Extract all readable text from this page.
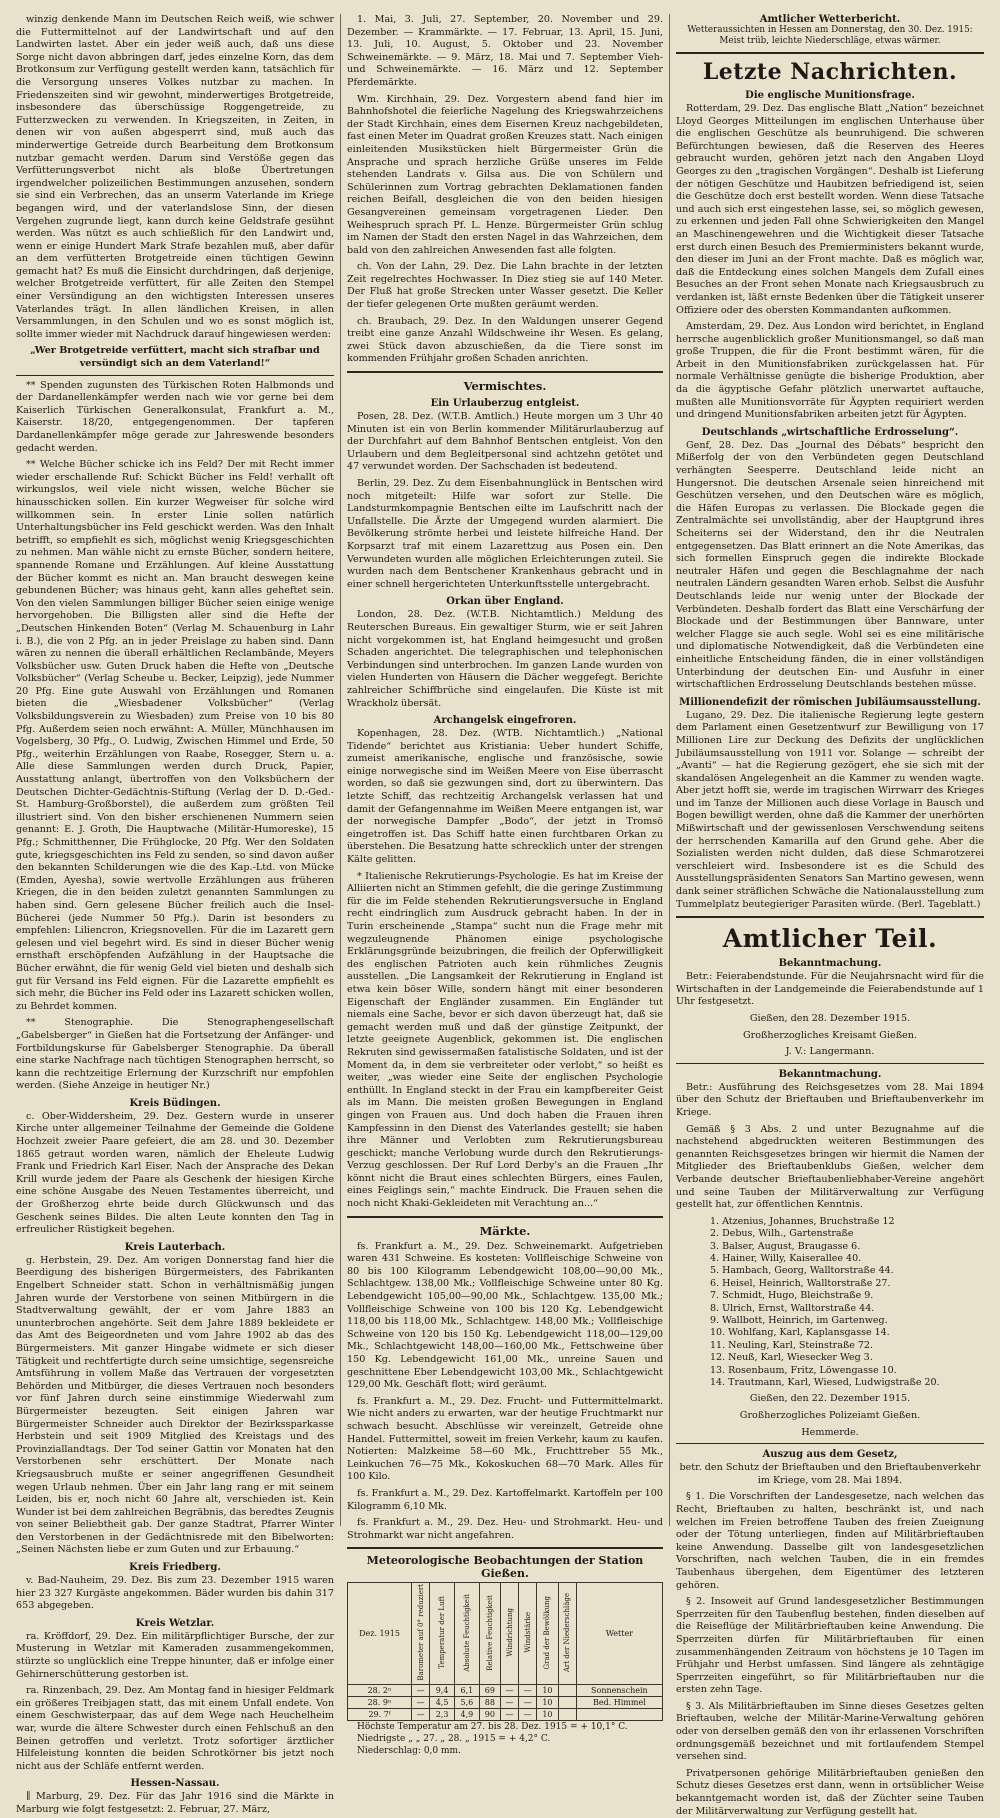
winzig denkende Mann im Deutschen Reich weiß, wie schwer die Futtermittelnot auf der Landwirtschaft und auf den Landwirten lastet. Aber ein jeder weiß auch, daß uns diese Sorge nicht davon abbringen darf, jedes einzelne Korn, das dem Brotkonsum zur Verfügung gestellt werden kann, tatsächlich für die Versorgung unseres Volkes nutzbar zu machen. In Friedenszeiten sind wir gewohnt, minderwertiges Brotgetreide, insbesondere das überschüssige Roggengetreide, zu Futterzwecken zu verwenden. In Kriegszeiten, in Zeiten, in denen wir von außen abgesperrt sind, muß auch das minderwertige Getreide durch Bearbeitung dem Brotkonsum nutzbar gemacht werden. Darum sind Verstöße gegen das Verfütterungsverbot nicht als bloße Übertretungen irgendwelcher polizeilichen Bestimmungen anzusehen, sondern sie sind ein Verbrechen, das an unserm Vaterlande im Kriege begangen wird, und der vaterlandslose Sinn, der diesen Vergehen zugrunde liegt, kann durch keine Geldstrafe gesühnt werden. Was nützt es auch schließlich für den Landwirt und, wenn er einige Hundert Mark Strafe bezahlen muß, aber dafür an dem verfütterten Brotgetreide einen tüchtigen Gewinn gemacht hat? Es muß die Einsicht durchdringen, daß derjenige, welcher Brotgetreide verfüttert, für alle Zeiten den Stempel einer Versündigung an den wichtigsten Interessen unseres Vaterlandes trägt. In allen ländlichen Kreisen, in allen Versammlungen, in den Schulen und wo es sonst möglich ist, sollte immer wieder mit Nachdruck darauf hingewiesen werden:

„Wer Brotgetreide verfüttert, macht sich strafbar und versündigt sich an dem Vaterland!“

** Spenden zugunsten des Türkischen Roten Halbmonds und der Dardanellenkämpfer werden nach wie vor gerne bei dem Kaiserlich Türkischen Generalkonsulat, Frankfurt a. M., Kaiserstr. 18/20, entgegengenommen. Der tapferen Dardanellenkämpfer möge gerade zur Jahreswende besonders gedacht werden.

** Welche Bücher schicke ich ins Feld? Der mit Recht immer wieder erschallende Ruf: Schickt Bücher ins Feld! verhallt oft wirkungslos, weil viele nicht wissen, welche Bücher sie hinausschicken sollen. Ein kurzer Wegweiser für solche wird willkommen sein. In erster Linie sollen natürlich Unterhaltungsbücher ins Feld geschickt werden. Was den Inhalt betrifft, so empfiehlt es sich, möglichst wenig Kriegsgeschichten zu nehmen. Man wähle nicht zu ernste Bücher, sondern heitere, spannende Romane und Erzählungen. Auf kleine Ausstattung der Bücher kommt es nicht an. Man braucht deswegen keine gebundenen Bücher; was hinaus geht, kann alles geheftet sein. Von den vielen Sammlungen billiger Bücher seien einige wenige hervorgehoben. Die Billigsten aller sind die Hefte der „Deutschen Hinkenden Boten“ (Verlag M. Schauenburg in Lahr i. B.), die von 2 Pfg. an in jeder Preislage zu haben sind. Dann wären zu nennen die überall erhältlichen Reclambände, Meyers Volksbücher usw. Guten Druck haben die Hefte von „Deutsche Volksbücher“ (Verlag Scheube u. Becker, Leipzig), jede Nummer 20 Pfg. Eine gute Auswahl von Erzählungen und Romanen bieten die „Wiesbadener Volksbücher“ (Verlag Volksbildungsverein zu Wiesbaden) zum Preise von 10 bis 80 Pfg. Außerdem seien noch erwähnt: A. Müller, Münchhausen im Vogelsberg, 30 Pfg., O. Ludwig, Zwischen Himmel und Erde, 50 Pfg., weiterhin Erzählungen von Raabe, Rosegger, Stern u. a. Alle diese Sammlungen werden durch Druck, Papier, Ausstattung anlangt, übertroffen von den Volksbüchern der Deutschen Dichter-Gedächtnis-Stiftung (Verlag der D. D.-Ged.-St. Hamburg-Großborstel), die außerdem zum größten Teil illustriert sind. Von den bisher erschienenen Nummern seien genannt: E. J. Groth, Die Hauptwache (Militär-Humoreske), 15 Pfg.; Schmitthenner, Die Frühglocke, 20 Pfg. Wer den Soldaten gute, kriegsgeschichten ins Feld zu senden, so sind davon außer den bekannten Schilderungen wie die des Kap.-Ltd. von Mücke (Emden, Ayesha), sowie wertvolle Erzählungen aus früheren Kriegen, die in den beiden zuletzt genannten Sammlungen zu haben sind. Gern gelesene Bücher freilich auch die Insel-Bücherei (jede Nummer 50 Pfg.). Darin ist besonders zu empfehlen: Liliencron, Kriegsnovellen. Für die im Lazarett gern gelesen und viel begehrt wird. Es sind in dieser Bücher wenig ernsthaft erschöpfenden Aufzählung in der Hauptsache die Bücher erwähnt, die für wenig Geld viel bieten und deshalb sich gut für Versand ins Feld eignen. Für die Lazarette empfiehlt es sich mehr, die Bücher ins Feld oder ins Lazarett schicken wollen, zu Behrdet kommen.

** Stenographie. Die Stenographengesellschaft „Gabelsberger“ in Gießen hat die Fortsetzung der Anfänger- und Fortbildungskurse für Gabelsberger Stenographie. Da überall eine starke Nachfrage nach tüchtigen Stenographen herrscht, so kann die rechtzeitige Erlernung der Kurzschrift nur empfohlen werden. (Siehe Anzeige in heutiger Nr.)

Kreis Büdingen.

c. Ober-Widdersheim, 29. Dez. Gestern wurde in unserer Kirche unter allgemeiner Teilnahme der Gemeinde die Goldene Hochzeit zweier Paare gefeiert, die am 28. und 30. Dezember 1865 getraut worden waren, nämlich der Eheleute Ludwig Frank und Friedrich Karl Eiser. Nach der Ansprache des Dekan Krill wurde jedem der Paare als Geschenk der hiesigen Kirche eine schöne Ausgabe des Neuen Testamentes überreicht, und der Großherzog ehrte beide durch Glückwunsch und das Geschenk seines Bildes. Die alten Leute konnten den Tag in erfreulicher Rüstigkeit begehen.

Kreis Lauterbach.

g. Herbstein, 29. Dez. Am vorigen Donnerstag fand hier die Beerdigung des bisherigen Bürgermeisters, des Fabrikanten Engelbert Schneider statt. Schon in verhältnismäßig jungen Jahren wurde der Verstorbene von seinen Mitbürgern in die Stadtverwaltung gewählt, der er vom Jahre 1883 an ununterbrochen angehörte. Seit dem Jahre 1889 bekleidete er das Amt des Beigeordneten und vom Jahre 1902 ab das des Bürgermeisters. Mit ganzer Hingabe widmete er sich dieser Tätigkeit und rechtfertigte durch seine umsichtige, segensreiche Amtsführung in vollem Maße das Vertrauen der vorgesetzten Behörden und Mitbürger, die dieses Vertrauen noch besonders vor fünf Jahren durch seine einstimmige Wiederwahl zum Bürgermeister bezeugten. Seit einigen Jahren war Bürgermeister Schneider auch Direktor der Bezirkssparkasse Herbstein und seit 1909 Mitglied des Kreistags und des Provinziallandtags. Der Tod seiner Gattin vor Monaten hat den Verstorbenen sehr erschüttert. Der Monate nach Kriegsausbruch mußte er seiner angegriffenen Gesundheit wegen Urlaub nehmen. Über ein Jahr lang rang er mit seinem Leiden, bis er, noch nicht 60 Jahre alt, verschieden ist. Kein Wunder ist bei dem zahlreichen Begräbnis, das beredtes Zeugnis von seiner Beliebtheit gab. Der ganze Stadtrat, Pfarrer Winter den Verstorbenen in der Gedächtnisrede mit den Bibelworten: „Seinen Nächsten liebe er zum Guten und zur Erbauung.“

Kreis Friedberg.

v. Bad-Nauheim, 29. Dez. Bis zum 23. Dezember 1915 waren hier 23 327 Kurgäste angekommen. Bäder wurden bis dahin 317 653 abgegeben.

Kreis Wetzlar.

ra. Kröffdorf, 29. Dez. Ein militärpflichtiger Bursche, der zur Musterung in Wetzlar mit Kameraden zusammengekommen, stürzte so unglücklich eine Treppe hinunter, daß er infolge einer Gehirnerschütterung gestorben ist.

ra. Rinzenbach, 29. Dez. Am Montag fand in hiesiger Feldmark ein größeres Treibjagen statt, das mit einem Unfall endete. Von einem Geschwisterpaar, das auf dem Wege nach Heuchelheim war, wurde die ältere Schwester durch einen Fehlschuß an den Beinen getroffen und verletzt. Trotz sofortiger ärztlicher Hilfeleistung konnten die beiden Schrotkörner bis jetzt noch nicht aus der Schläfe entfernt werden.

Hessen-Nassau.

∥ Marburg, 29. Dez. Für das Jahr 1916 sind die Märkte in Marburg wie folgt festgesetzt: 2. Februar, 27. März,

1. Mai, 3. Juli, 27. September, 20. November und 29. Dezember. — Krammärkte. — 17. Februar, 13. April, 15. Juni, 13. Juli, 10. August, 5. Oktober und 23. November Schweinemärkte. — 9. März, 18. Mai und 7. September Vieh- und Schweinemärkte. — 16. März und 12. September Pferdemärkte.

Wm. Kirchhain, 29. Dez. Vorgestern abend fand hier im Bahnhofshotel die feierliche Nagelung des Kriegswahrzeichens der Stadt Kirchhain, eines dem Eisernen Kreuz nachgebildeten, fast einen Meter im Quadrat großen Kreuzes statt. Nach einigen einleitenden Musikstücken hielt Bürgermeister Grün die Ansprache und sprach herzliche Grüße unseres im Felde stehenden Landrats v. Gilsa aus. Die von Schülern und Schülerinnen zum Vortrag gebrachten Deklamationen fanden reichen Beifall, desgleichen die von den beiden hiesigen Gesangvereinen gemeinsam vorgetragenen Lieder. Den Weihespruch sprach Pf. L. Henze. Bürgermeister Grün schlug im Namen der Stadt den ersten Nagel in das Wahrzeichen, dem bald von den zahlreichen Anwesenden fast alle folgten.

ch. Von der Lahn, 29. Dez. Die Lahn brachte in der letzten Zeit regelrechtes Hochwasser. In Diez stieg sie auf 140 Meter. Der Fluß hat große Strecken unter Wasser gesetzt. Die Keller der tiefer gelegenen Orte mußten geräumt werden.

ch. Braubach, 29. Dez. In den Waldungen unserer Gegend treibt eine ganze Anzahl Wildschweine ihr Wesen. Es gelang, zwei Stück davon abzuschießen, da die Tiere sonst im kommenden Frühjahr großen Schaden anrichten.

Vermischtes.
Ein Urlauberzug entgleist.

Posen, 28. Dez. (W.T.B. Amtlich.) Heute morgen um 3 Uhr 40 Minuten ist ein von Berlin kommender Militärurlauberzug auf der Durchfahrt auf dem Bahnhof Bentschen entgleist. Von den Urlaubern und dem Begleitpersonal sind achtzehn getötet und 47 verwundet worden. Der Sachschaden ist bedeutend.

Berlin, 29. Dez. Zu dem Eisenbahnunglück in Bentschen wird noch mitgeteilt: Hilfe war sofort zur Stelle. Die Landsturmkompagnie Bentschen eilte im Laufschritt nach der Unfallstelle. Die Ärzte der Umgegend wurden alarmiert. Die Bevölkerung strömte herbei und leistete hilfreiche Hand. Der Korpsarzt traf mit einem Lazarettzug aus Posen ein. Den Verwundeten wurden alle möglichen Erleichterungen zuteil. Sie wurden nach dem Bentschener Krankenhaus gebracht und in einer schnell hergerichteten Unterkunftsstelle untergebracht.

Orkan über England.

London, 28. Dez. (W.T.B. Nichtamtlich.) Meldung des Reuterschen Bureaus. Ein gewaltiger Sturm, wie er seit Jahren nicht vorgekommen ist, hat England heimgesucht und großen Schaden angerichtet. Die telegraphischen und telephonischen Verbindungen sind unterbrochen. Im ganzen Lande wurden von vielen Hunderten von Häusern die Dächer weggefegt. Berichte zahlreicher Schiffbrüche sind eingelaufen. Die Küste ist mit Wrackholz übersät.

Archangelsk eingefroren.

Kopenhagen, 28. Dez. (WTB. Nichtamtlich.) „National Tidende“ berichtet aus Kristiania: Ueber hundert Schiffe, zumeist amerikanische, englische und französische, sowie einige norwegische sind im Weißen Meere von Eise überrascht worden, so daß sie gezwungen sind, dort zu überwintern. Das letzte Schiff, das rechtzeitig Archangelsk verlassen hat und damit der Gefangennahme im Weißen Meere entgangen ist, war der norwegische Dampfer „Bodo“, der jetzt in Tromsö eingetroffen ist. Das Schiff hatte einen furchtbaren Orkan zu überstehen. Die Besatzung hatte schrecklich unter der strengen Kälte gelitten.

* Italienische Rekrutierungs-Psychologie. Es hat im Kreise der Alliierten nicht an Stimmen gefehlt, die die geringe Zustimmung für die im Felde stehenden Rekrutierungsversuche in England recht eindringlich zum Ausdruck gebracht haben. In der in Turin erscheinende „Stampa“ sucht nun die Frage mehr mit wegzuleugnende Phänomen einige psychologische Erklärungsgründe beizubringen, die freilich der Opferwilligkeit des englischen Patrioten auch kein rühmliches Zeugnis ausstellen. „Die Langsamkeit der Rekrutierung in England ist etwa kein böser Wille, sondern hängt mit einer besonderen Eigenschaft der Engländer zusammen. Ein Engländer tut niemals eine Sache, bevor er sich davon überzeugt hat, daß sie gemacht werden muß und daß der günstige Zeitpunkt, der letzte geeignete Augenblick, gekommen ist. Die englischen Rekruten sind gewissermaßen fatalistische Soldaten, und ist der Moment da, in dem sie verbreiteter oder verlobt,“ so heißt es weiter, „was wieder eine Seite der englischen Psychologie enthüllt. In England steckt in der Frau ein kampfbereiter Geist als im Mann. Die meisten großen Bewegungen in England gingen von Frauen aus. Und doch haben die Frauen ihren Kampfessinn in den Dienst des Vaterlandes gestellt; sie haben ihre Männer und Verlobten zum Rekrutierungsbureau geschickt; manche Verlobung wurde durch den Rekrutierungs-Verzug geschlossen. Der Ruf Lord Derby's an die Frauen „Ihr könnt nicht die Braut eines schlechten Bürgers, eines Faulen, eines Feiglings sein,“ machte Eindruck. Die Frauen sehen die noch nicht Khaki-Gekleideten mit Verachtung an...“

Märkte.

fs. Frankfurt a. M., 29. Dez. Schweinemarkt. Aufgetrieben waren 431 Schweine. Es kosteten: Vollfleischige Schweine von 80 bis 100 Kilogramm Lebendgewicht 108,00—90,00 Mk., Schlachtgew. 138,00 Mk.; Vollfleischige Schweine unter 80 Kg. Lebendgewicht 105,00—90,00 Mk., Schlachtgew. 135,00 Mk.; Vollfleischige Schweine von 100 bis 120 Kg. Lebendgewicht 118,00 bis 118,00 Mk., Schlachtgew. 148,00 Mk.; Vollfleischige Schweine von 120 bis 150 Kg. Lebendgewicht 118,00—129,00 Mk., Schlachtgewicht 148,00—160,00 Mk., Fettschweine über 150 Kg. Lebendgewicht 161,00 Mk., unreine Sauen und geschnittene Eber Lebendgewicht 103,00 Mk., Schlachtgewicht 129,00 Mk. Geschäft flott; wird geräumt.

fs. Frankfurt a. M., 29. Dez. Frucht- und Futtermittelmarkt. Wie nicht anders zu erwarten, war der heutige Fruchtmarkt nur schwach besucht. Abschlüsse wir vereinzelt, Getreide ohne Handel. Futtermittel, soweit im freien Verkehr, kaum zu kaufen. Notierten: Malzkeime 58—60 Mk., Fruchttreber 55 Mk., Leinkuchen 76—75 Mk., Kokoskuchen 68—70 Mark. Alles für 100 Kilo.

fs. Frankfurt a. M., 29. Dez. Kartoffelmarkt. Kartoffeln per 100 Kilogramm 6,10 Mk.

fs. Frankfurt a. M., 29. Dez. Heu- und Strohmarkt. Heu- und Strohmarkt war nicht angefahren.

Meteorologische Beobachtungen der Station Gießen.
Dez. 1915	Barometer auf 0° reduziert	Temperatur der Luft	Absolute Feuchtigkeit	Relative Feuchtigkeit	Windrichtung	Windstärke	Grad der Bewölkung	Art der Niederschläge	Wetter
28. 2ⁿ	—	9,4	6,1	69	—	—	10		Sonnenschein
28. 9ⁿ	—	4,5	5,6	88	—	—	10		Bed. Himmel
29. 7ᶠ	—	2,3	4,9	90	—	—	10		
Höchste Temperatur am 27. bis 28. Dez. 1915 = + 10,1° C.
Niedrigste „ „ 27. „ 28. „ 1915 = + 4,2° C.
Niederschlag: 0,0 mm.
Amtlicher Wetterbericht.
Wetteraussichten in Hessen am Donnerstag, den 30. Dez. 1915: Meist trüb, leichte Niederschläge, etwas wärmer.
Letzte Nachrichten.
Die englische Munitionsfrage.

Rotterdam, 29. Dez. Das englische Blatt „Nation“ bezeichnet Lloyd Georges Mitteilungen im englischen Unterhause über die englischen Geschütze als beunruhigend. Die schweren Befürchtungen bewiesen, daß die Reserven des Heeres gebraucht wurden, gehören jetzt nach den Angaben Lloyd Georges zu den „tragischen Vorgängen“. Deshalb ist Lieferung der nötigen Geschütze und Haubitzen befriedigend ist, seien die Geschütze doch erst bestellt worden. Wenn diese Tatsache und auch sich erst eingestehen lasse, sei, so möglich gewesen, zu erkennen und jeden Fall ohne Schwierigkeiten den Mangel an Maschinengewehren und die Wichtigkeit dieser Tatsache erst durch einen Besuch des Premierministers bekannt wurde, den dieser im Juni an der Front machte. Daß es möglich war, daß die Entdeckung eines solchen Mangels dem Zufall eines Besuches an der Front sehen Monate nach Kriegsausbruch zu verdanken ist, läßt ernste Bedenken über die Tätigkeit unserer Offiziere oder des obersten Kommandanten aufkommen.

Amsterdam, 29. Dez. Aus London wird berichtet, in England herrsche augenblicklich großer Munitionsmangel, so daß man große Truppen, die für die Front bestimmt wären, für die Arbeit in den Munitionsfabriken zurückgelassen hat. Für normale Verhältnisse genügte die bisherige Produktion, aber da die ägyptische Gefahr plötzlich unerwartet auftauche, mußten alle Munitionsvorräte für Ägypten requiriert werden und dringend Munitionsfabriken arbeiten jetzt für Ägypten.

Deutschlands „wirtschaftliche Erdrosselung“.

Genf, 28. Dez. Das „Journal des Débats“ bespricht den Mißerfolg der von den Verbündeten gegen Deutschland verhängten Seesperre. Deutschland leide nicht an Hungersnot. Die deutschen Arsenale seien hinreichend mit Geschützen versehen, und den Deutschen wäre es möglich, die Häfen Europas zu verlassen. Die Blockade gegen die Zentralmächte sei unvollständig, aber der Hauptgrund ihres Scheiterns sei der Widerstand, den ihr die Neutralen entgegensetzen. Das Blatt erinnert an die Note Amerikas, das sich formellen Einspruch gegen die indirekte Blockade neutraler Häfen und gegen die Beschlagnahme der nach neutralen Ländern gesandten Waren erhob. Selbst die Ausfuhr Deutschlands leide nur wenig unter der Blockade der Verbündeten. Deshalb fordert das Blatt eine Verschärfung der Blockade und der Bestimmungen über Bannware, unter welcher Flagge sie auch segle. Wohl sei es eine militärische und diplomatische Notwendigkeit, daß die Verbündeten eine einheitliche Entscheidung fänden, die in einer vollständigen Unterbindung der deutschen Ein- und Ausfuhr in einer wirtschaftlichen Erdrosselung Deutschlands bestehen müsse.

Millionendefizit der römischen Jubiläumsausstellung.

Lugano, 29. Dez. Die italienische Regierung legte gestern dem Parlament einen Gesetzentwurf zur Bewilligung von 17 Millionen Lire zur Deckung des Defizits der unglücklichen Jubiläumsausstellung von 1911 vor. Solange — schreibt der „Avanti“ — hat die Regierung gezögert, ehe sie sich mit der skandalösen Angelegenheit an die Kammer zu wenden wagte. Aber jetzt hofft sie, werde im tragischen Wirrwarr des Krieges und im Tanze der Millionen auch diese Vorlage in Bausch und Bogen bewilligt werden, ohne daß die Kammer der unerhörten Mißwirtschaft und der gewissenlosen Verschwendung seitens der herrschenden Kamarilla auf den Grund gehe. Aber die Sozialisten werden nicht dulden, daß diese Schmarotzerei verschleiert wird. Insbesondere ist es die Schuld des Ausstellungspräsidenten Senators San Martino gewesen, wenn dank seiner sträflichen Schwäche die Nationalausstellung zum Tummelplatz beutegieriger Parasiten würde. (Berl. Tageblatt.)

Amtlicher Teil.
Bekanntmachung.

Betr.: Feierabendstunde. Für die Neujahrsnacht wird für die Wirtschaften in der Landgemeinde die Feierabendstunde auf 1 Uhr festgesetzt.

Gießen, den 28. Dezember 1915.

Großherzogliches Kreisamt Gießen.

J. V.: Langermann.

Bekanntmachung.

Betr.: Ausführung des Reichsgesetzes vom 28. Mai 1894 über den Schutz der Brieftauben und Brieftaubenverkehr im Kriege.

Gemäß § 3 Abs. 2 und unter Bezugnahme auf die nachstehend abgedruckten weiteren Bestimmungen des genannten Reichsgesetzes bringen wir hiermit die Namen der Mitglieder des Brieftaubenklubs Gießen, welcher dem Verbande deutscher Brieftaubenliebhaber-Vereine angehört und seine Tauben der Militärverwaltung zur Verfügung gestellt hat, zur öffentlichen Kenntnis.

1. Atzenius, Johannes, Bruchstraße 12
2. Debus, Wilh., Gartenstraße
3. Balser, August, Braugasse 6.
4. Hainer, Willy, Kaiserallee 40.
5. Hambach, Georg, Walltorstraße 44.
6. Heisel, Heinrich, Walltorstraße 27.
7. Schmidt, Hugo, Bleichstraße 9.
8. Ulrich, Ernst, Walltorstraße 44.
9. Wallbott, Heinrich, im Gartenweg.
10. Wohlfang, Karl, Kaplansgasse 14.
11. Neuling, Karl, Steinstraße 72.
12. Neuß, Karl, Wiesecker Weg 3.
13. Rosenbaum, Fritz, Löwengasse 10.
14. Trautmann, Karl, Wiesed, Ludwigstraße 20.

Gießen, den 22. Dezember 1915.

Großherzogliches Polizeiamt Gießen.

Hemmerde.

Auszug aus dem Gesetz,

betr. den Schutz der Brieftauben und den Brieftaubenverkehr im Kriege, vom 28. Mai 1894.

§ 1. Die Vorschriften der Landesgesetze, nach welchen das Recht, Brieftauben zu halten, beschränkt ist, und nach welchen im Freien betroffene Tauben des freien Zueignung oder der Tötung unterliegen, finden auf Militärbrieftauben keine Anwendung. Dasselbe gilt von landesgesetzlichen Vorschriften, nach welchen Tauben, die in ein fremdes Taubenhaus übergehen, dem Eigentümer des letzteren gehören.

§ 2. Insoweit auf Grund landesgesetzlicher Bestimmungen Sperrzeiten für den Taubenflug bestehen, finden dieselben auf die Reiseflüge der Militärbrieftauben keine Anwendung. Die Sperrzeiten dürfen für Militärbrieftauben für einen zusammenhängenden Zeitraum von höchstens je 10 Tagen im Frühjahr und Herbst umfassen. Sind längere als zehntägige Sperrzeiten eingeführt, so für Militärbrieftauben nur die ersten zehn Tage.

§ 3. Als Militärbrieftauben im Sinne dieses Gesetzes gelten Brieftauben, welche der Militär-Marine-Verwaltung gehören oder von derselben gemäß den von ihr erlassenen Vorschriften ordnungsgemäß bezeichnet und mit fortlaufendem Stempel versehen sind.

Privatpersonen gehörige Militärbrieftauben genießen den Schutz dieses Gesetzes erst dann, wenn in ortsüblicher Weise bekanntgemacht worden ist, daß der Züchter seine Tauben der Militärverwaltung zur Verfügung gestellt hat.
